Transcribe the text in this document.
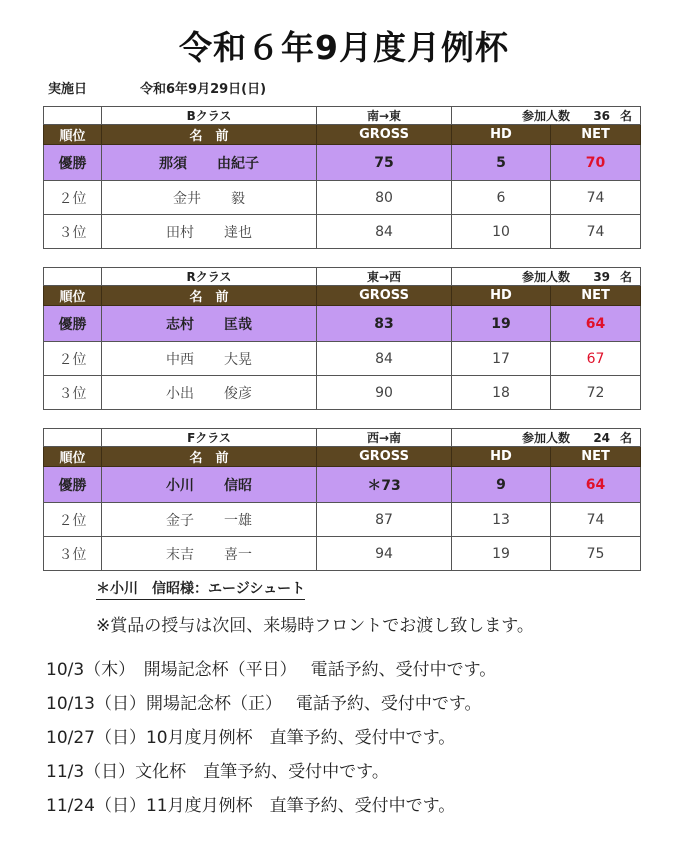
令和６年9月度月例杯
実施日	令和6年9月29日(日)
	Bクラス	南→東	参加人数 36 名	
順位	名　前	GROSS	HD	NET
優勝	那須 由紀子	75	5	70
２位	金井 毅	80	6	74
３位	田村 達也	84	10	74
	Rクラス	東→西	参加人数 39 名	
順位	名　前	GROSS	HD	NET
優勝	志村 匡哉	83	19	64
２位	中西 大晃	84	17	67
３位	小出 俊彦	90	18	72
	Fクラス	西→南	参加人数 24 名	
順位	名　前	GROSS	HD	NET
優勝	小川 信昭	＊73	9	64
２位	金子 一雄	87	13	74
３位	末吉 喜一	94	19	75
＊小川　信昭様：エージシュート
※賞品の授与は次回、来場時フロントでお渡し致します。
10/3（木）　開場記念杯（平日）　 電話予約、受付中です。
10/13（日）開場記念杯（正）　 電話予約、受付中です。
10/27（日）10月度月例杯　直筆予約、受付中です。
11/3（日）文化杯　直筆予約、受付中です。
11/24（日）11月度月例杯　直筆予約、受付中です。
